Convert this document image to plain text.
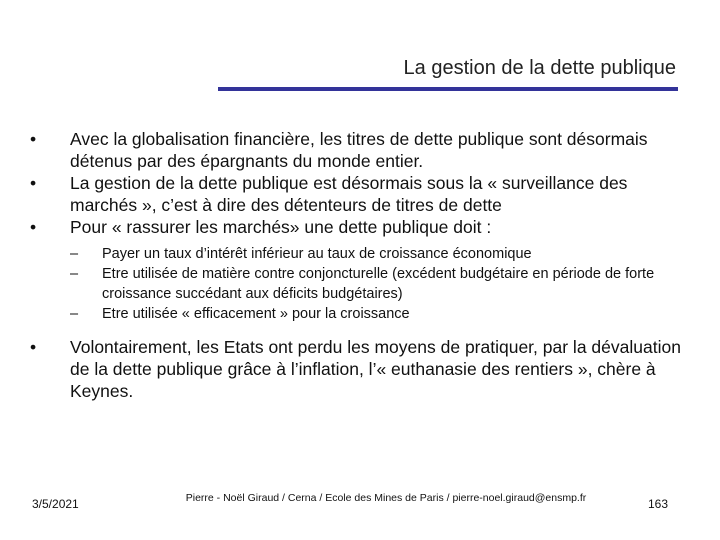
La gestion de la dette publique
•	Avec la globalisation financière, les titres de dette publique sont désormais détenus par des épargnants du monde entier.
•	La gestion de la dette publique est désormais sous la « surveillance des marchés », c’est à dire des détenteurs de titres de dette
•	Pour « rassurer les marchés» une dette publique doit :
–	Payer un taux d’intérêt inférieur au taux de croissance économique
–	Etre utilisée de matière contre conjoncturelle (excédent budgétaire en période de forte croissance succédant aux déficits budgétaires)
–	Etre utilisée « efficacement » pour la croissance
•	Volontairement, les Etats ont perdu les moyens de pratiquer, par la dévaluation de la dette publique grâce à l’inflation, l’« euthanasie des rentiers », chère à Keynes.
3/5/2021	Pierre - Noël Giraud / Cerna / Ecole des Mines de Paris / pierre-noel.giraud@ensmp.fr	163
